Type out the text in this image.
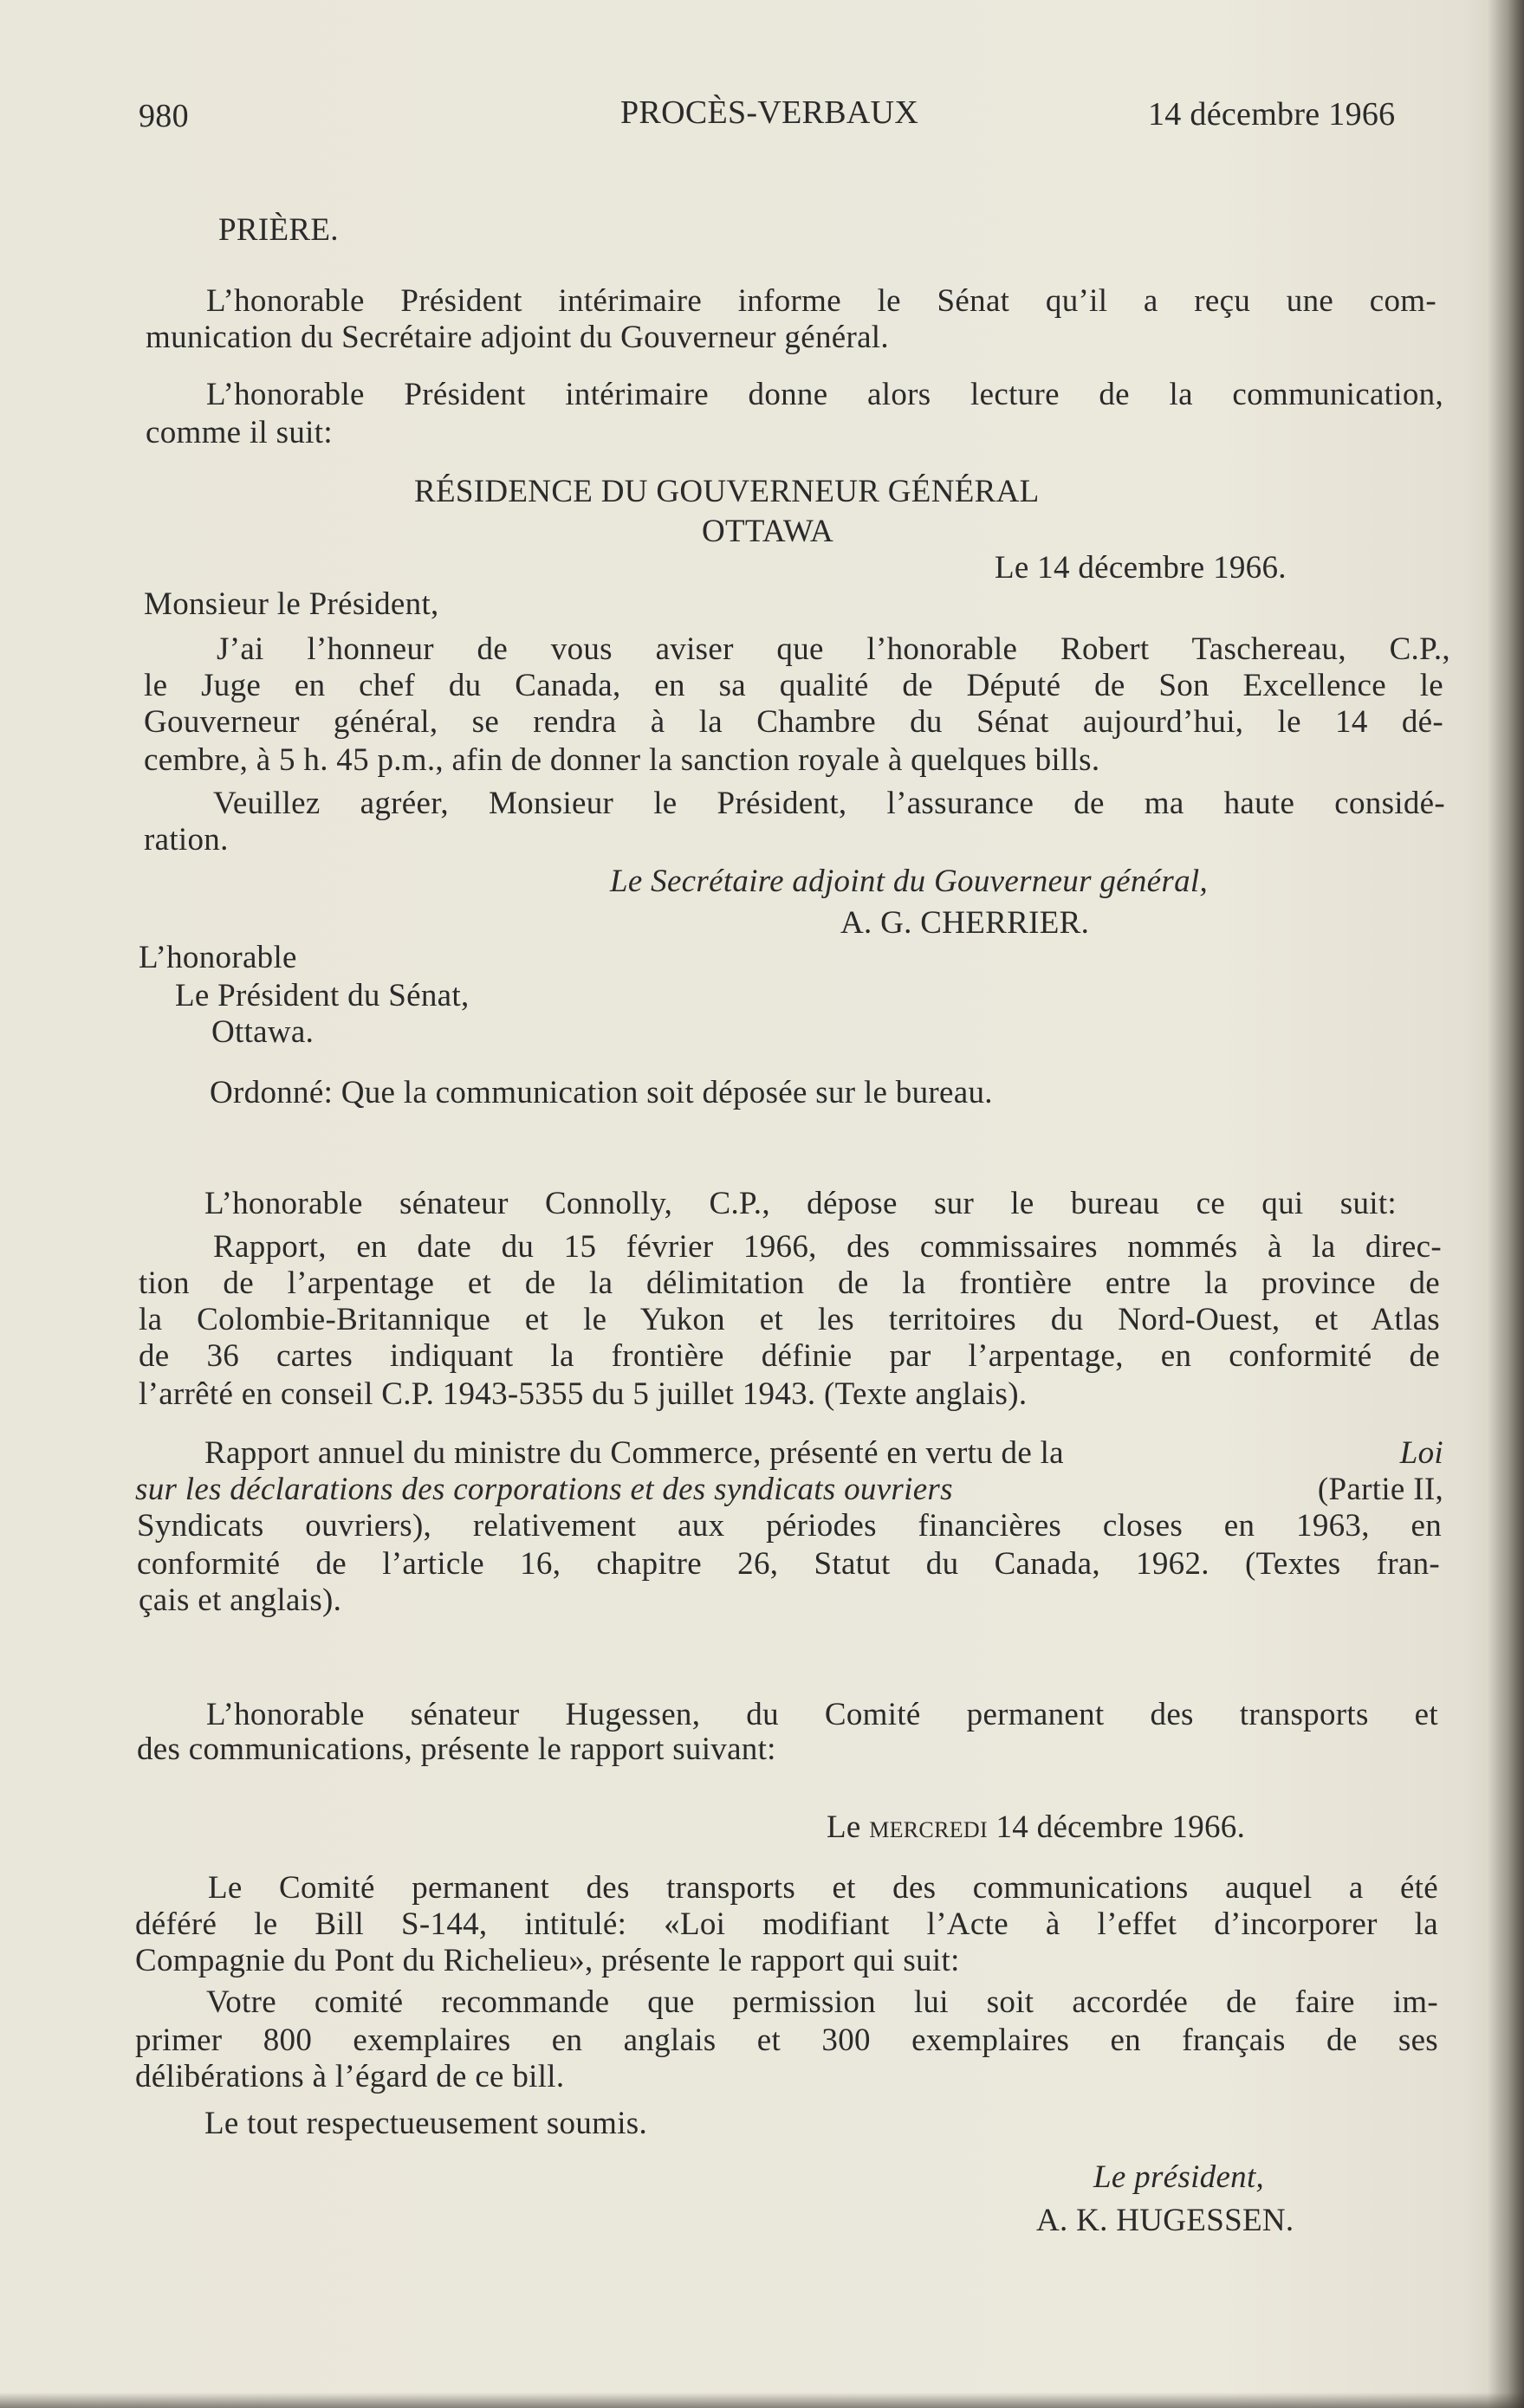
980	PROCÈS-VERBAUX	14 décembre 1966
PRIÈRE.
L’honorable Président intérimaire informe le Sénat qu’il a reçu une com-
munication du Secrétaire adjoint du Gouverneur général.
L’honorable Président intérimaire donne alors lecture de la communication,
comme il suit:
RÉSIDENCE DU GOUVERNEUR GÉNÉRAL
OTTAWA
Le 14 décembre 1966.
Monsieur le Président,
J’ai l’honneur de vous aviser que l’honorable Robert Taschereau, C.P.,
le Juge en chef du Canada, en sa qualité de Député de Son Excellence le
Gouverneur général, se rendra à la Chambre du Sénat aujourd’hui, le 14 dé-
cembre, à 5 h. 45 p.m., afin de donner la sanction royale à quelques bills.
Veuillez agréer, Monsieur le Président, l’assurance de ma haute considé-
ration.
Le Secrétaire adjoint du Gouverneur général,
A. G. CHERRIER.
L’honorable
Le Président du Sénat,
Ottawa.
Ordonné: Que la communication soit déposée sur le bureau.
L’honorable sénateur Connolly, C.P., dépose sur le bureau ce qui suit:
Rapport, en date du 15 février 1966, des commissaires nommés à la direc-
tion de l’arpentage et de la délimitation de la frontière entre la province de
la Colombie-Britannique et le Yukon et les territoires du Nord-Ouest, et Atlas
de 36 cartes indiquant la frontière définie par l’arpentage, en conformité de
l’arrêté en conseil C.P. 1943-5355 du 5 juillet 1943. (Texte anglais).
Rapport annuel du ministre du Commerce, présenté en vertu de la	Loi
sur les déclarations des corporations et des syndicats ouvriers	(Partie II,
Syndicats ouvriers), relativement aux périodes financières closes en 1963, en
conformité de l’article 16, chapitre 26, Statut du Canada, 1962. (Textes fran-
çais et anglais).
L’honorable sénateur Hugessen, du Comité permanent des transports et
des communications, présente le rapport suivant:
Le mercredi 14 décembre 1966.
Le Comité permanent des transports et des communications auquel a été
déféré le Bill S-144, intitulé: «Loi modifiant l’Acte à l’effet d’incorporer la
Compagnie du Pont du Richelieu», présente le rapport qui suit:
Votre comité recommande que permission lui soit accordée de faire im-
primer 800 exemplaires en anglais et 300 exemplaires en français de ses
délibérations à l’égard de ce bill.
Le tout respectueusement soumis.
Le président,
A. K. HUGESSEN.
